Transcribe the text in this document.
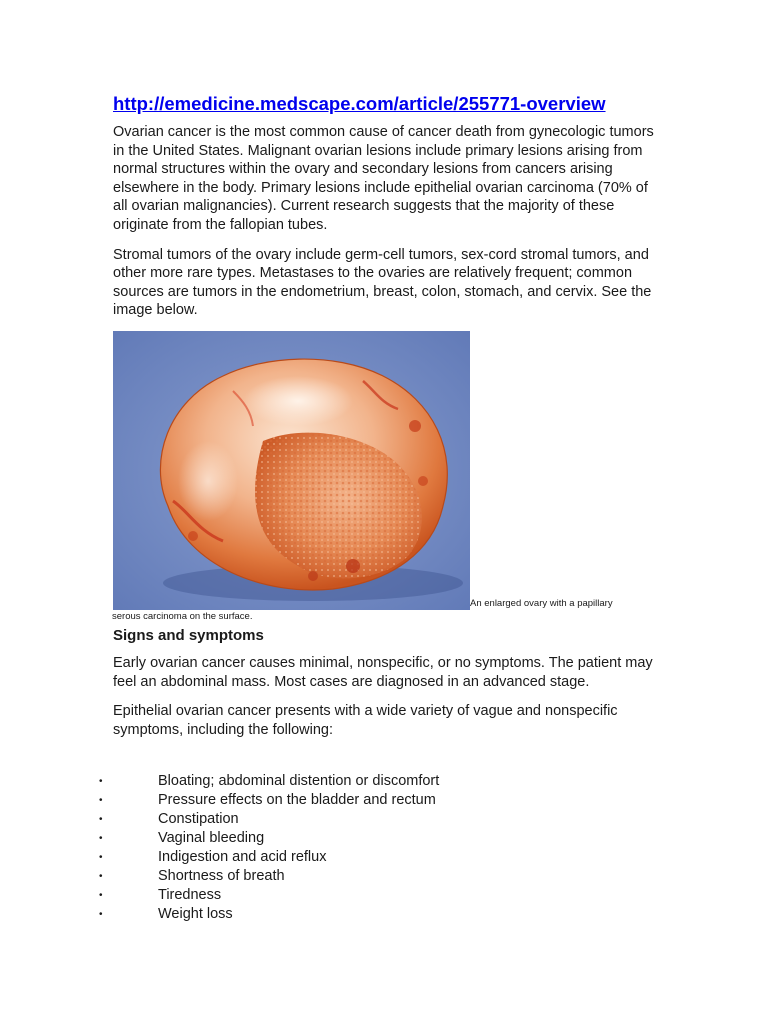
http://emedicine.medscape.com/article/255771-overview

Ovarian cancer is the most common cause of cancer death from gynecologic tumors in the United States. Malignant ovarian lesions include primary lesions arising from normal structures within the ovary and secondary lesions from cancers arising elsewhere in the body. Primary lesions include epithelial ovarian carcinoma (70% of all ovarian malignancies). Current research suggests that the majority of these originate from the fallopian tubes.

Stromal tumors of the ovary include germ-cell tumors, sex-cord stromal tumors, and other more rare types. Metastases to the ovaries are relatively frequent; common sources are tumors in the endometrium, breast, colon, stomach, and cervix. See the image below.

An enlarged ovary with a papillary
serous carcinoma on the surface.
Signs and symptoms

Early ovarian cancer causes minimal, nonspecific, or no symptoms. The patient may feel an abdominal mass. Most cases are diagnosed in an advanced stage.

Epithelial ovarian cancer presents with a wide variety of vague and nonspecific symptoms, including the following:

•	Bloating; abdominal distention or discomfort
•	Pressure effects on the bladder and rectum
•	Constipation
•	Vaginal bleeding
•	Indigestion and acid reflux
•	Shortness of breath
•	Tiredness
•	Weight loss
